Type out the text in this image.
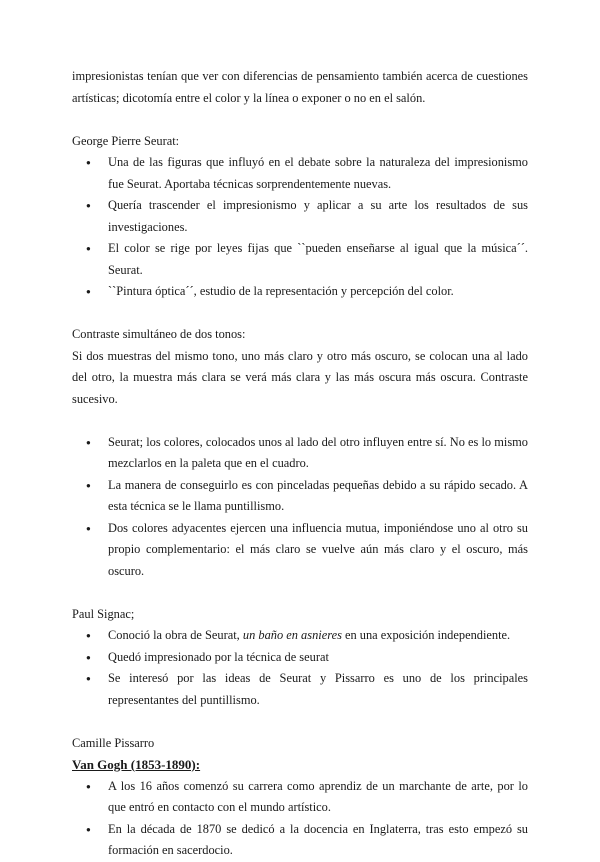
impresionistas tenían que ver con diferencias de pensamiento también acerca de cuestiones artísticas; dicotomía entre el color y la línea o exponer o no en el salón.

George Pierre Seurat:

● Una de las figuras que influyó en el debate sobre la naturaleza del impresionismo fue Seurat. Aportaba técnicas sorprendentemente nuevas.
● Quería trascender el impresionismo y aplicar a su arte los resultados de sus investigaciones.
● El color se rige por leyes fijas que ``pueden enseñarse al igual que la música´´. Seurat.
● ``Pintura óptica´´, estudio de la representación y percepción del color.

Contraste simultáneo de dos tonos:

Si dos muestras del mismo tono, uno más claro y otro más oscuro, se colocan una al lado del otro, la muestra más clara se verá más clara y las más oscura más oscura. Contraste sucesivo.

● Seurat; los colores, colocados unos al lado del otro influyen entre sí. No es lo mismo mezclarlos en la paleta que en el cuadro.
● La manera de conseguirlo es con pinceladas pequeñas debido a su rápido secado. A esta técnica se le llama puntillismo.
● Dos colores adyacentes ejercen una influencia mutua, imponiéndose uno al otro su propio complementario: el más claro se vuelve aún más claro y el oscuro, más oscuro.

Paul Signac;

● Conoció la obra de Seurat, un baño en asnieres en una exposición independiente.
● Quedó impresionado por la técnica de seurat
● Se interesó por las ideas de Seurat y Pissarro es uno de los principales representantes del puntillismo.

Camille Pissarro

Van Gogh (1853-1890):

● A los 16 años comenzó su carrera como aprendiz de un marchante de arte, por lo que entró en contacto con el mundo artístico.
● En la década de 1870 se dedicó a la docencia en Inglaterra, tras esto empezó su formación en sacerdocio.
